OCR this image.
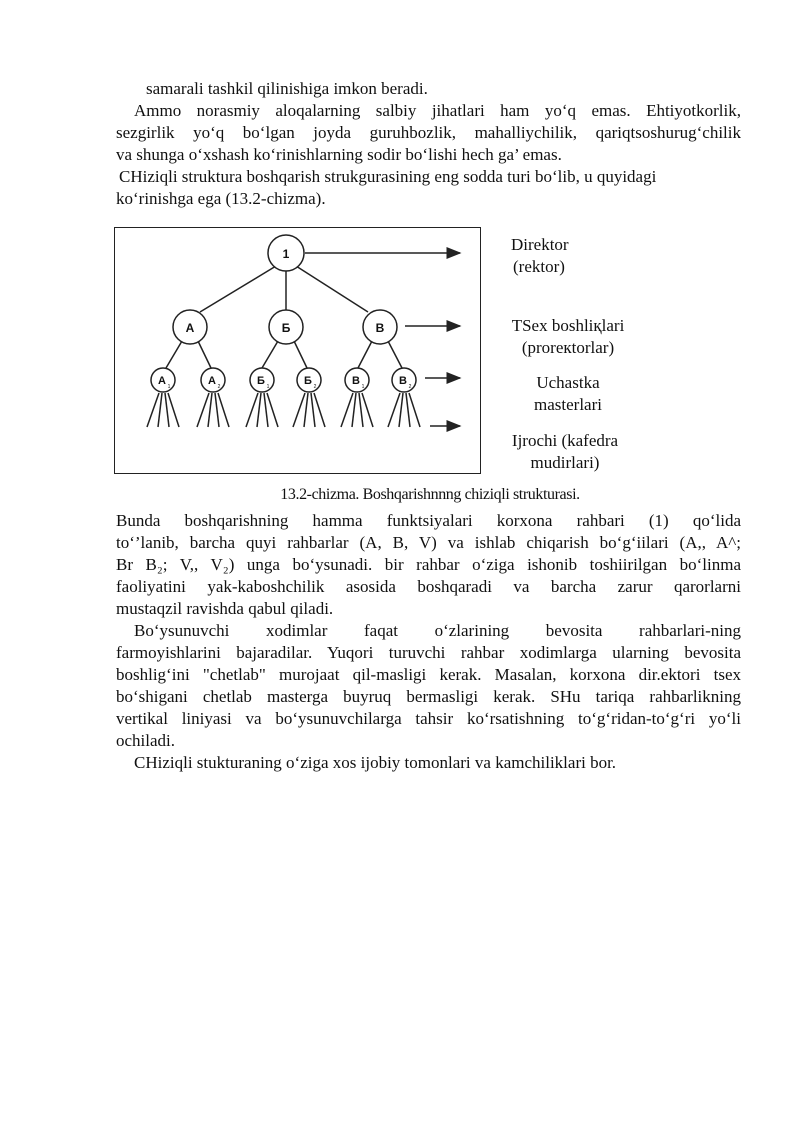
samarali tashkil qilinishiga imkon beradi.
Ammo norasmiy aloqalarning salbiy jihatlari ham yo‘q emas. Ehtiyotkorlik,
sezgirlik yo‘q bo‘lgan joyda guruhbozlik, mahalliychilik, qariqtsoshurug‘chilik
va shunga o‘xshash ko‘rinishlarning sodir bo‘lishi hech ga’ emas.
CHiziqli struktura boshqarish strukgurasining eng sodda turi bo‘lib, u quyidagi
ko‘rinishga ega (13.2-chizma).
1
A	Б	B
A	A	Б	Б	B	B
1	2	1	2	1	2
Direktor
(rektor)
TSex boshliқlari
(proreкtorlar)
Uchastka
masterlari
Ijrochi (kafedra
mudirlari)
13.2-chizma. Boshqarishnnng chiziqli strukturasi.
Bunda boshqarishning hamma funktsiyalari korxona rahbari (1) qo‘lida
to‘’lanib, barcha quyi rahbarlar (A, B, V) va ishlab chiqarish bo‘g‘iilari (A,, A^;
Br B₂; V,, V₂) unga bo‘ysunadi. bir rahbar o‘ziga ishonib toshiirilgan bo‘linma
faoliyatini yak-kaboshchilik asosida boshqaradi va barcha zarur qarorlarni
mustaqzil ravishda qabul qiladi.
Bo‘ysunuvchi xodimlar faqat o‘zlarining bevosita rahbarlari-ning
farmoyishlarini bajaradilar. Yuqori turuvchi rahbar xodimlarga ularning bevosita
boshlig‘ini "chetlab" murojaat qil-masligi kerak. Masalan, korxona dir.ektori tsex
bo‘shigani chetlab masterga buyruq bermasligi kerak. SHu tariqa rahbarlikning
vertikal liniyasi va bo‘ysunuvchilarga tahsir ko‘rsatishning to‘g‘ridan-to‘g‘ri yo‘li
ochiladi.
CHiziqli stukturaning o‘ziga xos ijobiy tomonlari va kamchiliklari bor.
